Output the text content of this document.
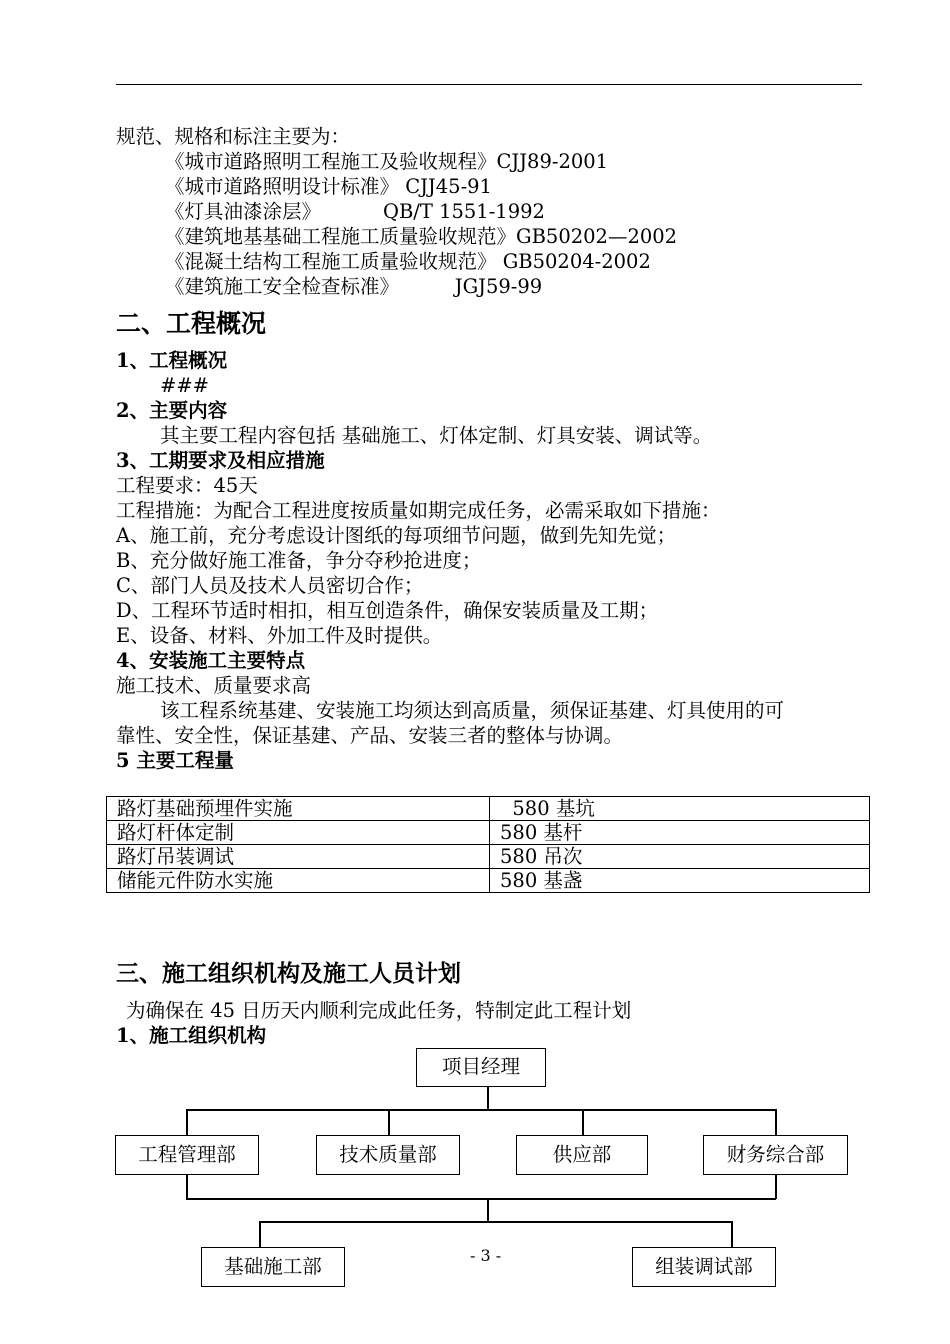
规范、规格和标注主要为：
《城市道路照明工程施工及验收规程》CJJ89-2001
《城市道路照明设计标准》 CJJ45-91
《灯具油漆涂层》          QB/T 1551-1992
《建筑地基基础工程施工质量验收规范》GB50202—2002
《混凝土结构工程施工质量验收规范》 GB50204-2002
《建筑施工安全检查标准》         JGJ59-99
二、工程概况
1、工程概况
###
2、主要内容
其主要工程内容包括 基础施工、灯体定制、灯具安装、调试等。
3、工期要求及相应措施
工程要求：45天
工程措施：为配合工程进度按质量如期完成任务，必需采取如下措施：
A、施工前，充分考虑设计图纸的每项细节问题，做到先知先觉；
B、充分做好施工准备，争分夺秒抢进度；
C、部门人员及技术人员密切合作；
D、工程环节适时相扣，相互创造条件，确保安装质量及工期；
E、设备、材料、外加工件及时提供。
4、安装施工主要特点
施工技术、质量要求高
该工程系统基建、安装施工均须达到高质量，须保证基建、灯具使用的可
靠性、安全性，保证基建、产品、安装三者的整体与协调。
5 主要工程量
路灯基础预埋件实施	580 基坑
路灯杆体定制	580 基杆
路灯吊装调试	580 吊次
储能元件防水实施	580 基盏
三、施工组织机构及施工人员计划
为确保在 45 日历天内顺利完成此任务，特制定此工程计划
1、施工组织机构
项目经理
工程管理部	技术质量部	供应部	财务综合部
基础施工部	组装调试部
- 3 -
